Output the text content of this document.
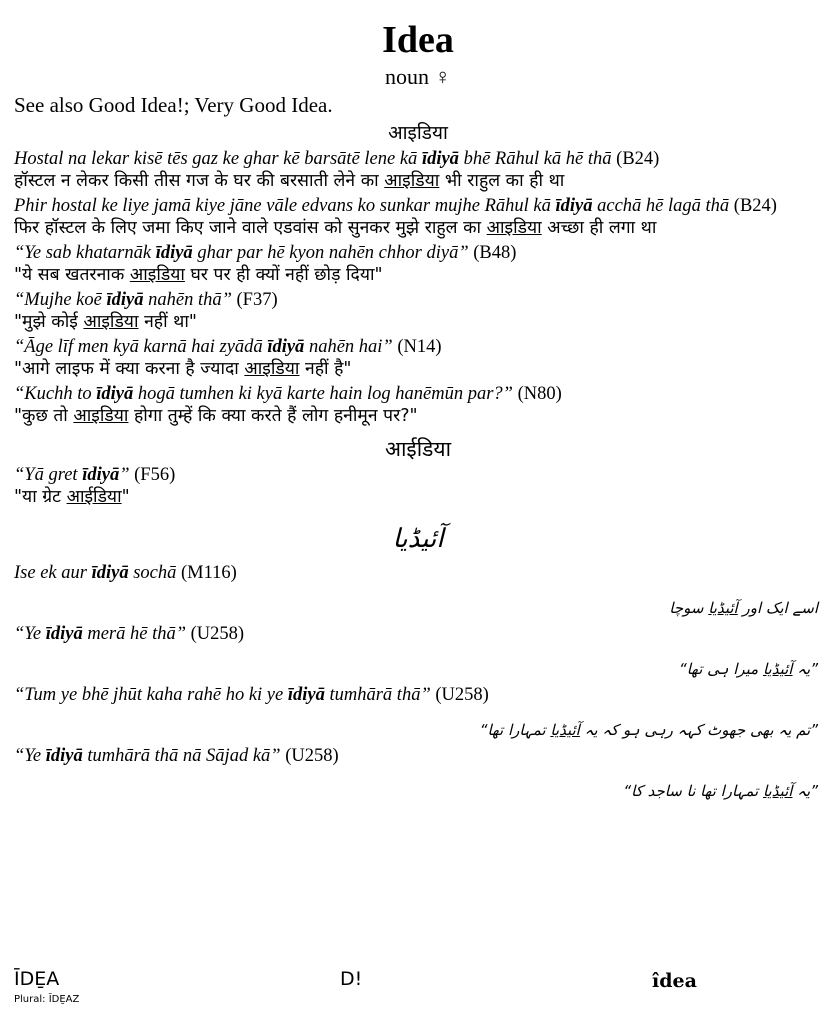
Idea
noun ♀
See also Good Idea!; Very Good Idea.
आइडिया
Hostal na lekar kisē tēs gaz ke ghar kē barsātē lene kā īdiyā bhē Rāhul kā hē thā (B24)
हॉस्टल न लेकर किसी तीस गज के घर की बरसाती लेने का आइडिया भी राहुल का ही था
Phir hostal ke liye jamā kiye jāne vāle edvans ko sunkar mujhe Rāhul kā īdiyā acchā hē lagā thā (B24)
फिर हॉस्टल के लिए जमा किए जाने वाले एडवांस को सुनकर मुझे राहुल का आइडिया अच्छा ही लगा था
“Ye sab khatarnāk īdiyā ghar par hē kyon nahēn chhor diyā” (B48)
"ये सब खतरनाक आइडिया घर पर ही क्यों नहीं छोड़ दिया"
“Mujhe koē īdiyā nahēn thā” (F37)
"मुझे कोई आइडिया नहीं था"
“Āge līf men kyā karnā hai zyādā īdiyā nahēn hai” (N14)
"आगे लाइफ में क्या करना है ज्यादा आइडिया नहीं है"
“Kuchh to īdiyā hogā tumhen ki kyā karte hain log hanēmūn par?” (N80)
"कुछ तो आइडिया होगा तुम्हें कि क्या करते हैं लोग हनीमून पर?"
आईडिया
“Yā gret īdiyā” (F56)
"या ग्रेट आईडिया"
آئیڈیا
Ise ek aur īdiyā sochā (M116)
اسے ایک اور آئیڈیا سوچا
“Ye īdiyā merā hē thā” (U258)
”یہ آئیڈیا میرا ہی تھا“
“Tum ye bhē jhūt kaha rahē ho ki ye īdiyā tumhārā thā” (U258)
”تم یہ بھی جھوٹ کہہ رہی ہو کہ یہ آئیڈیا تمہارا تھا“
“Ye īdiyā tumhārā thā nā Sājad kā” (U258)
”یہ آئیڈیا تمہارا تھا نا ساجد کا“
ĪDE̱A
Plural: ĪDE̱AZ
D!	îdea
